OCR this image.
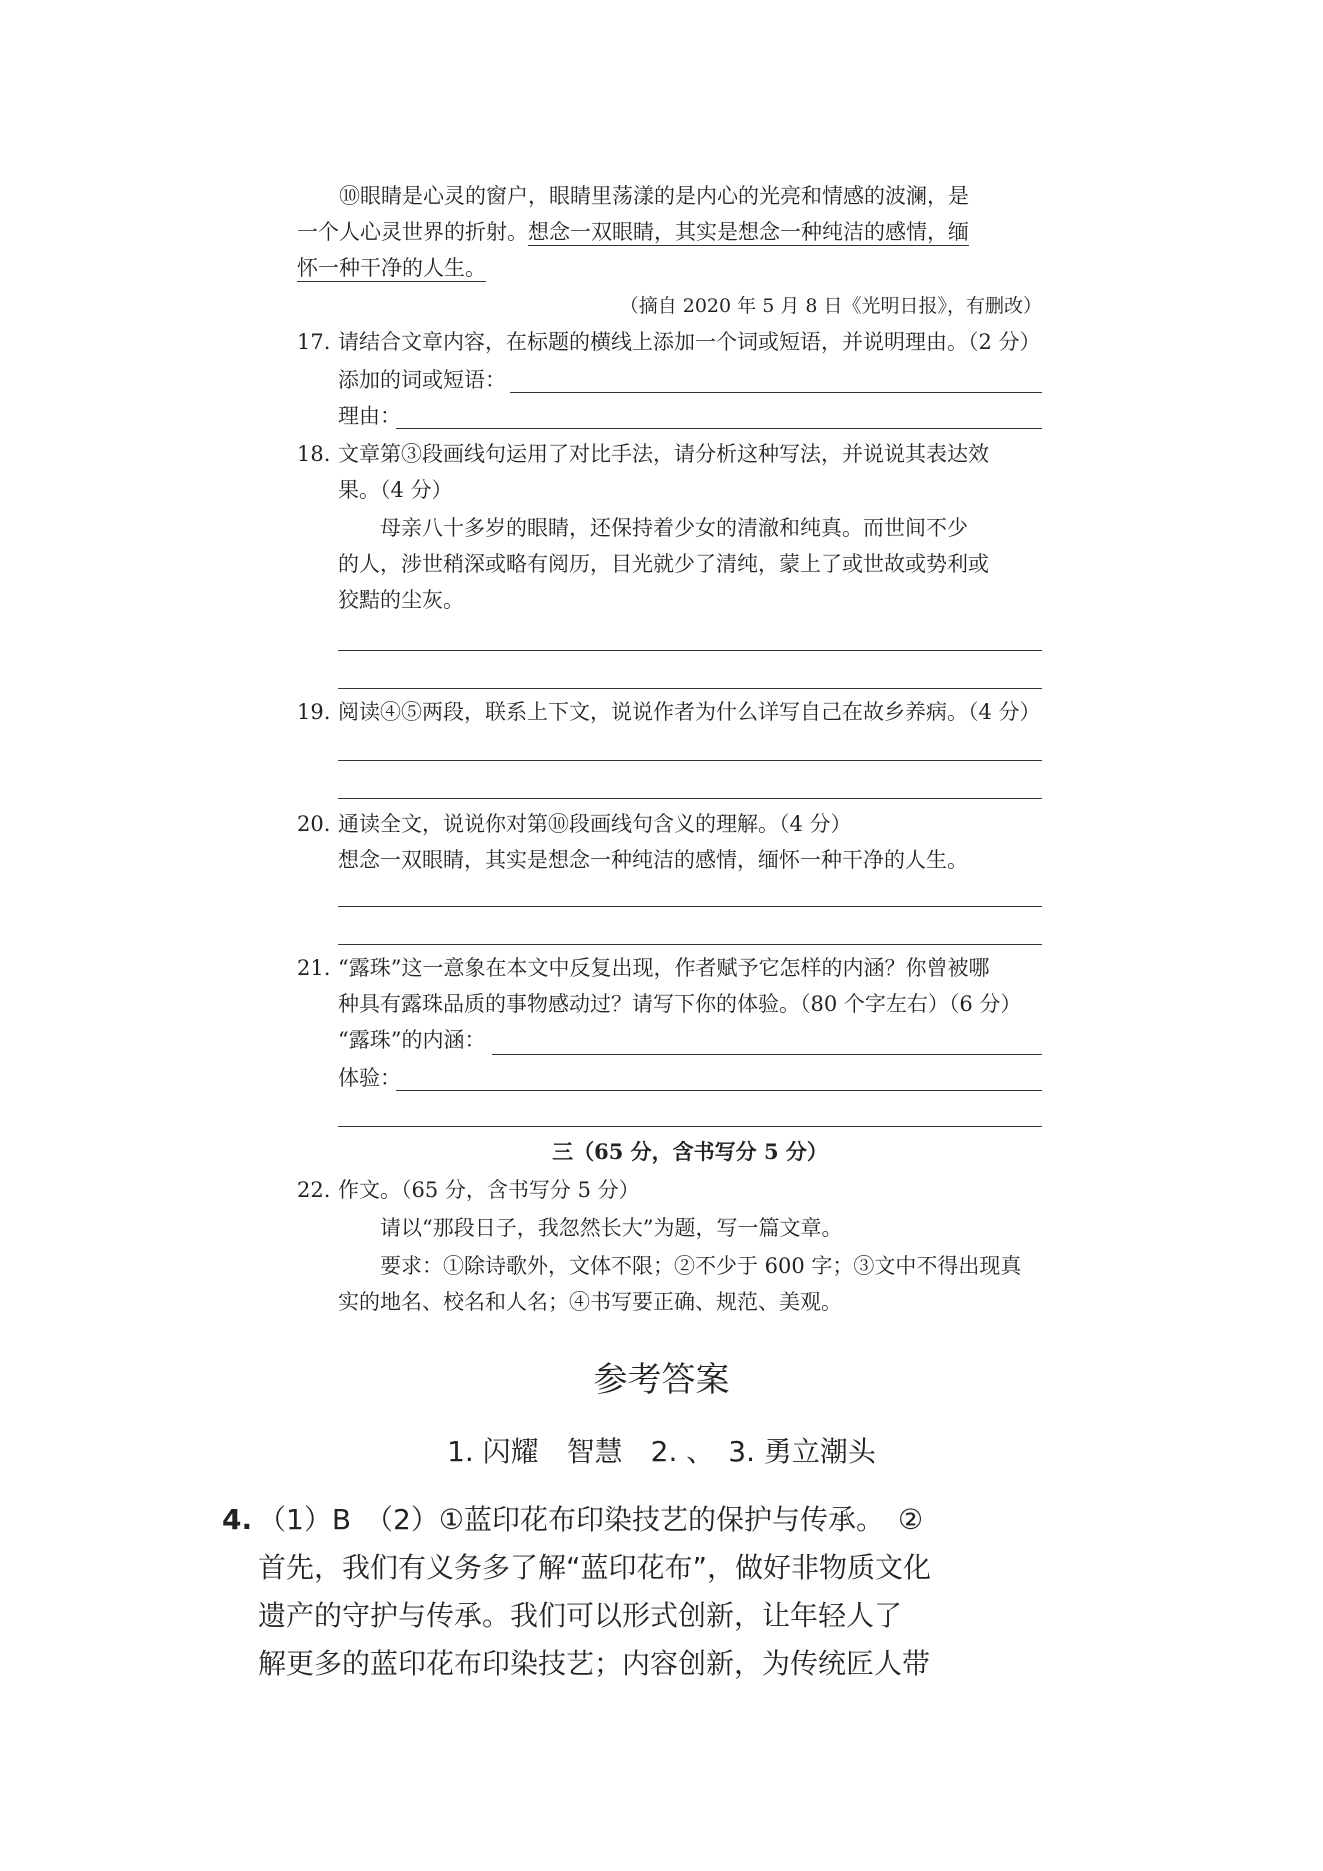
⑩眼睛是心灵的窗户，眼睛里荡漾的是内心的光亮和情感的波澜，是
一个人心灵世界的折射。想念一双眼睛，其实是想念一种纯洁的感情，缅
怀一种干净的人生。
（摘自 2020 年 5 月 8 日《光明日报》，有删改）
17. 请结合文章内容，在标题的横线上添加一个词或短语，并说明理由。（2 分）
添加的词或短语：
理由：
18. 文章第③段画线句运用了对比手法，请分析这种写法，并说说其表达效
果。（4 分）
母亲八十多岁的眼睛，还保持着少女的清澈和纯真。而世间不少
的人，涉世稍深或略有阅历，目光就少了清纯，蒙上了或世故或势利或
狡黠的尘灰。
19. 阅读④⑤两段，联系上下文，说说作者为什么详写自己在故乡养病。（4 分）
20. 通读全文，说说你对第⑩段画线句含义的理解。（4 分）
想念一双眼睛，其实是想念一种纯洁的感情，缅怀一种干净的人生。
21. “露珠”这一意象在本文中反复出现，作者赋予它怎样的内涵？你曾被哪
种具有露珠品质的事物感动过？请写下你的体验。（80 个字左右）（6 分）
“露珠”的内涵：
体验：
三（65 分，含书写分 5 分）
22. 作文。（65 分，含书写分 5 分）
请以“那段日子，我忽然长大”为题，写一篇文章。
要求：①除诗歌外，文体不限；②不少于 600 字；③文中不得出现真
实的地名、校名和人名；④书写要正确、规范、美观。
参考答案
1. 闪耀　智慧　2. 、　3. 勇立潮头
4. （1）B　（2）①蓝印花布印染技艺的保护与传承。　②
首先，我们有义务多了解“蓝印花布”，做好非物质文化
遗产的守护与传承。我们可以形式创新，让年轻人了
解更多的蓝印花布印染技艺；内容创新，为传统匠人带
